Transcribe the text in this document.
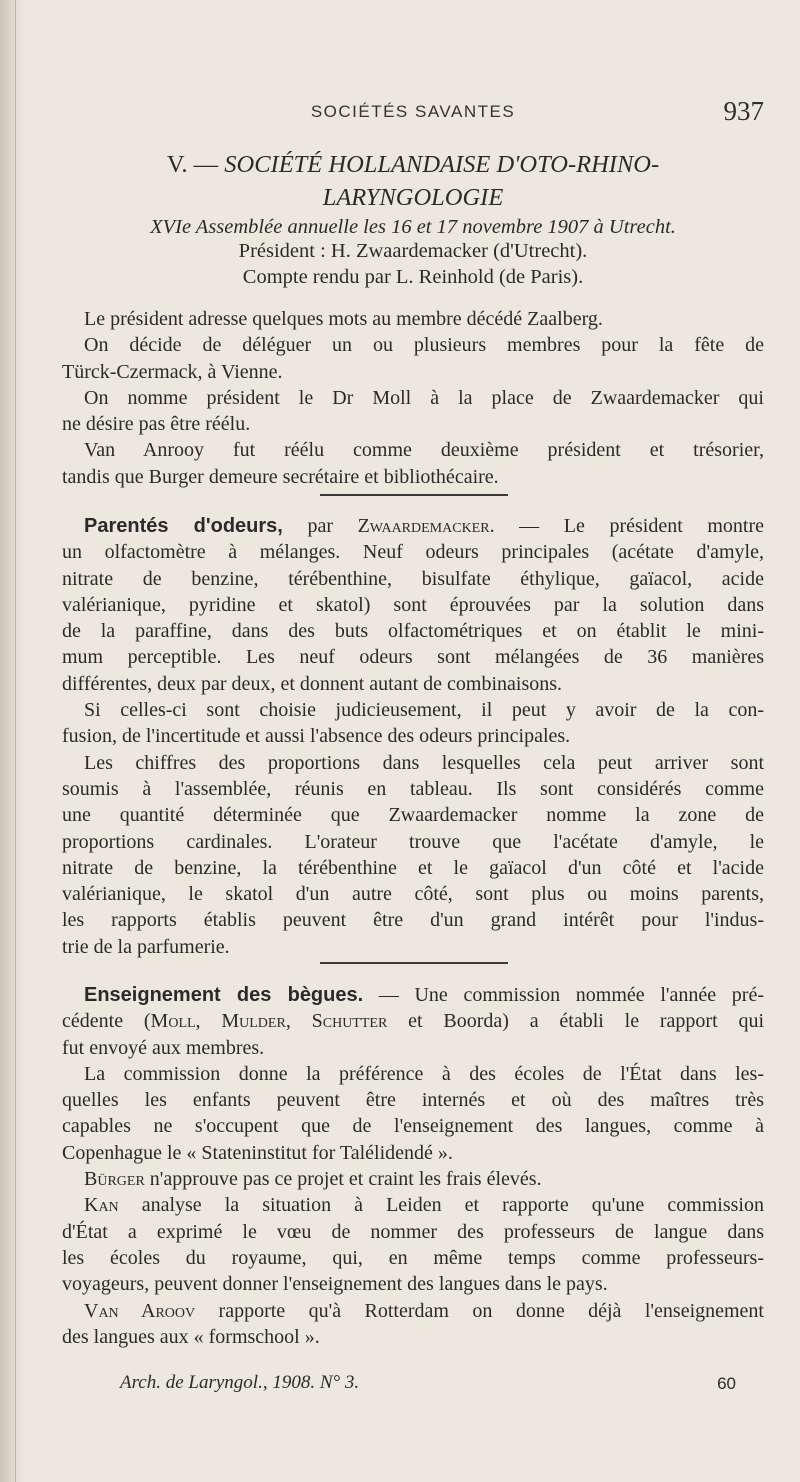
SOCIÉTÉS SAVANTES	937
V. — SOCIÉTÉ HOLLANDAISE D'OTO-RHINO-
LARYNGOLOGIE
XVIe Assemblée annuelle les 16 et 17 novembre 1907 à Utrecht.
Président : H. Zwaardemacker (d'Utrecht).
Compte rendu par L. Reinhold (de Paris).
Le président adresse quelques mots au membre décédé Zaalberg.
On décide de déléguer un ou plusieurs membres pour la fête de
Türck-Czermack, à Vienne.
On nomme président le Dr Moll à la place de Zwaardemacker qui
ne désire pas être réélu.
Van Anrooy fut réélu comme deuxième président et trésorier,
tandis que Burger demeure secrétaire et bibliothécaire.
Parentés d'odeurs, par Zwaardemacker. — Le président montre
un olfactomètre à mélanges. Neuf odeurs principales (acétate d'amyle,
nitrate de benzine, térébenthine, bisulfate éthylique, gaïacol, acide
valérianique, pyridine et skatol) sont éprouvées par la solution dans
de la paraffine, dans des buts olfactométriques et on établit le mini-
mum perceptible. Les neuf odeurs sont mélangées de 36 manières
différentes, deux par deux, et donnent autant de combinaisons.
Si celles-ci sont choisie judicieusement, il peut y avoir de la con-
fusion, de l'incertitude et aussi l'absence des odeurs principales.
Les chiffres des proportions dans lesquelles cela peut arriver sont
soumis à l'assemblée, réunis en tableau. Ils sont considérés comme
une quantité déterminée que Zwaardemacker nomme la zone de
proportions cardinales. L'orateur trouve que l'acétate d'amyle, le
nitrate de benzine, la térébenthine et le gaïacol d'un côté et l'acide
valérianique, le skatol d'un autre côté, sont plus ou moins parents,
les rapports établis peuvent être d'un grand intérêt pour l'indus-
trie de la parfumerie.
Enseignement des bègues. — Une commission nommée l'année pré-
cédente (Moll, Mulder, Schutter et Boorda) a établi le rapport qui
fut envoyé aux membres.
La commission donne la préférence à des écoles de l'État dans les-
quelles les enfants peuvent être internés et où des maîtres très
capables ne s'occupent que de l'enseignement des langues, comme à
Copenhague le « Stateninstitut for Talélidendé ».
Bürger n'approuve pas ce projet et craint les frais élevés.
Kan analyse la situation à Leiden et rapporte qu'une commission
d'État a exprimé le vœu de nommer des professeurs de langue dans
les écoles du royaume, qui, en même temps comme professeurs-
voyageurs, peuvent donner l'enseignement des langues dans le pays.
Van Aroov rapporte qu'à Rotterdam on donne déjà l'enseignement
des langues aux « formschool ».
Arch. de Laryngol., 1908. N° 3.	60
